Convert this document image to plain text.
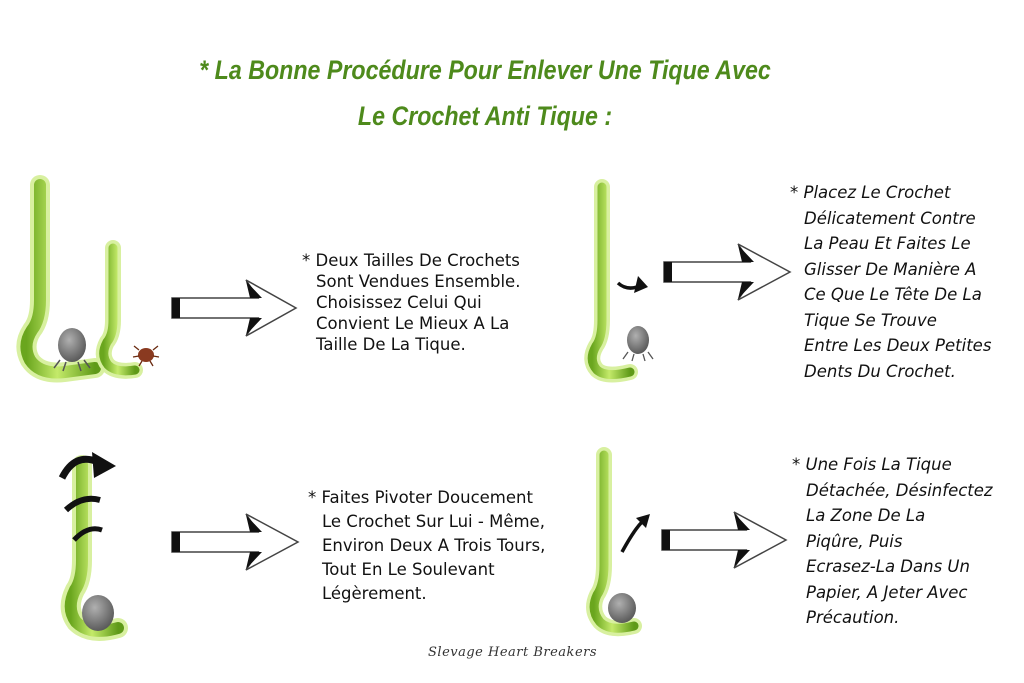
* La Bonne Procédure Pour Enlever Une Tique Avec
Le Crochet Anti Tique :
* Deux Tailles De Crochets
Sont Vendues Ensemble.
Choisissez Celui Qui
Convient Le Mieux A La
Taille De La Tique.
* Placez Le Crochet
Délicatement Contre
La Peau Et Faites Le
Glisser De Manière A
Ce Que Le Tête De La
Tique Se Trouve
Entre Les Deux Petites
Dents Du Crochet.
* Faites Pivoter Doucement
Le Crochet Sur Lui - Même,
Environ Deux A Trois Tours,
Tout En Le Soulevant
Légèrement.
* Une Fois La Tique
Détachée, Désinfectez
La Zone De La
Piqûre, Puis
Ecrasez-La Dans Un
Papier, A Jeter Avec
Précaution.
Slevage Heart Breakers
